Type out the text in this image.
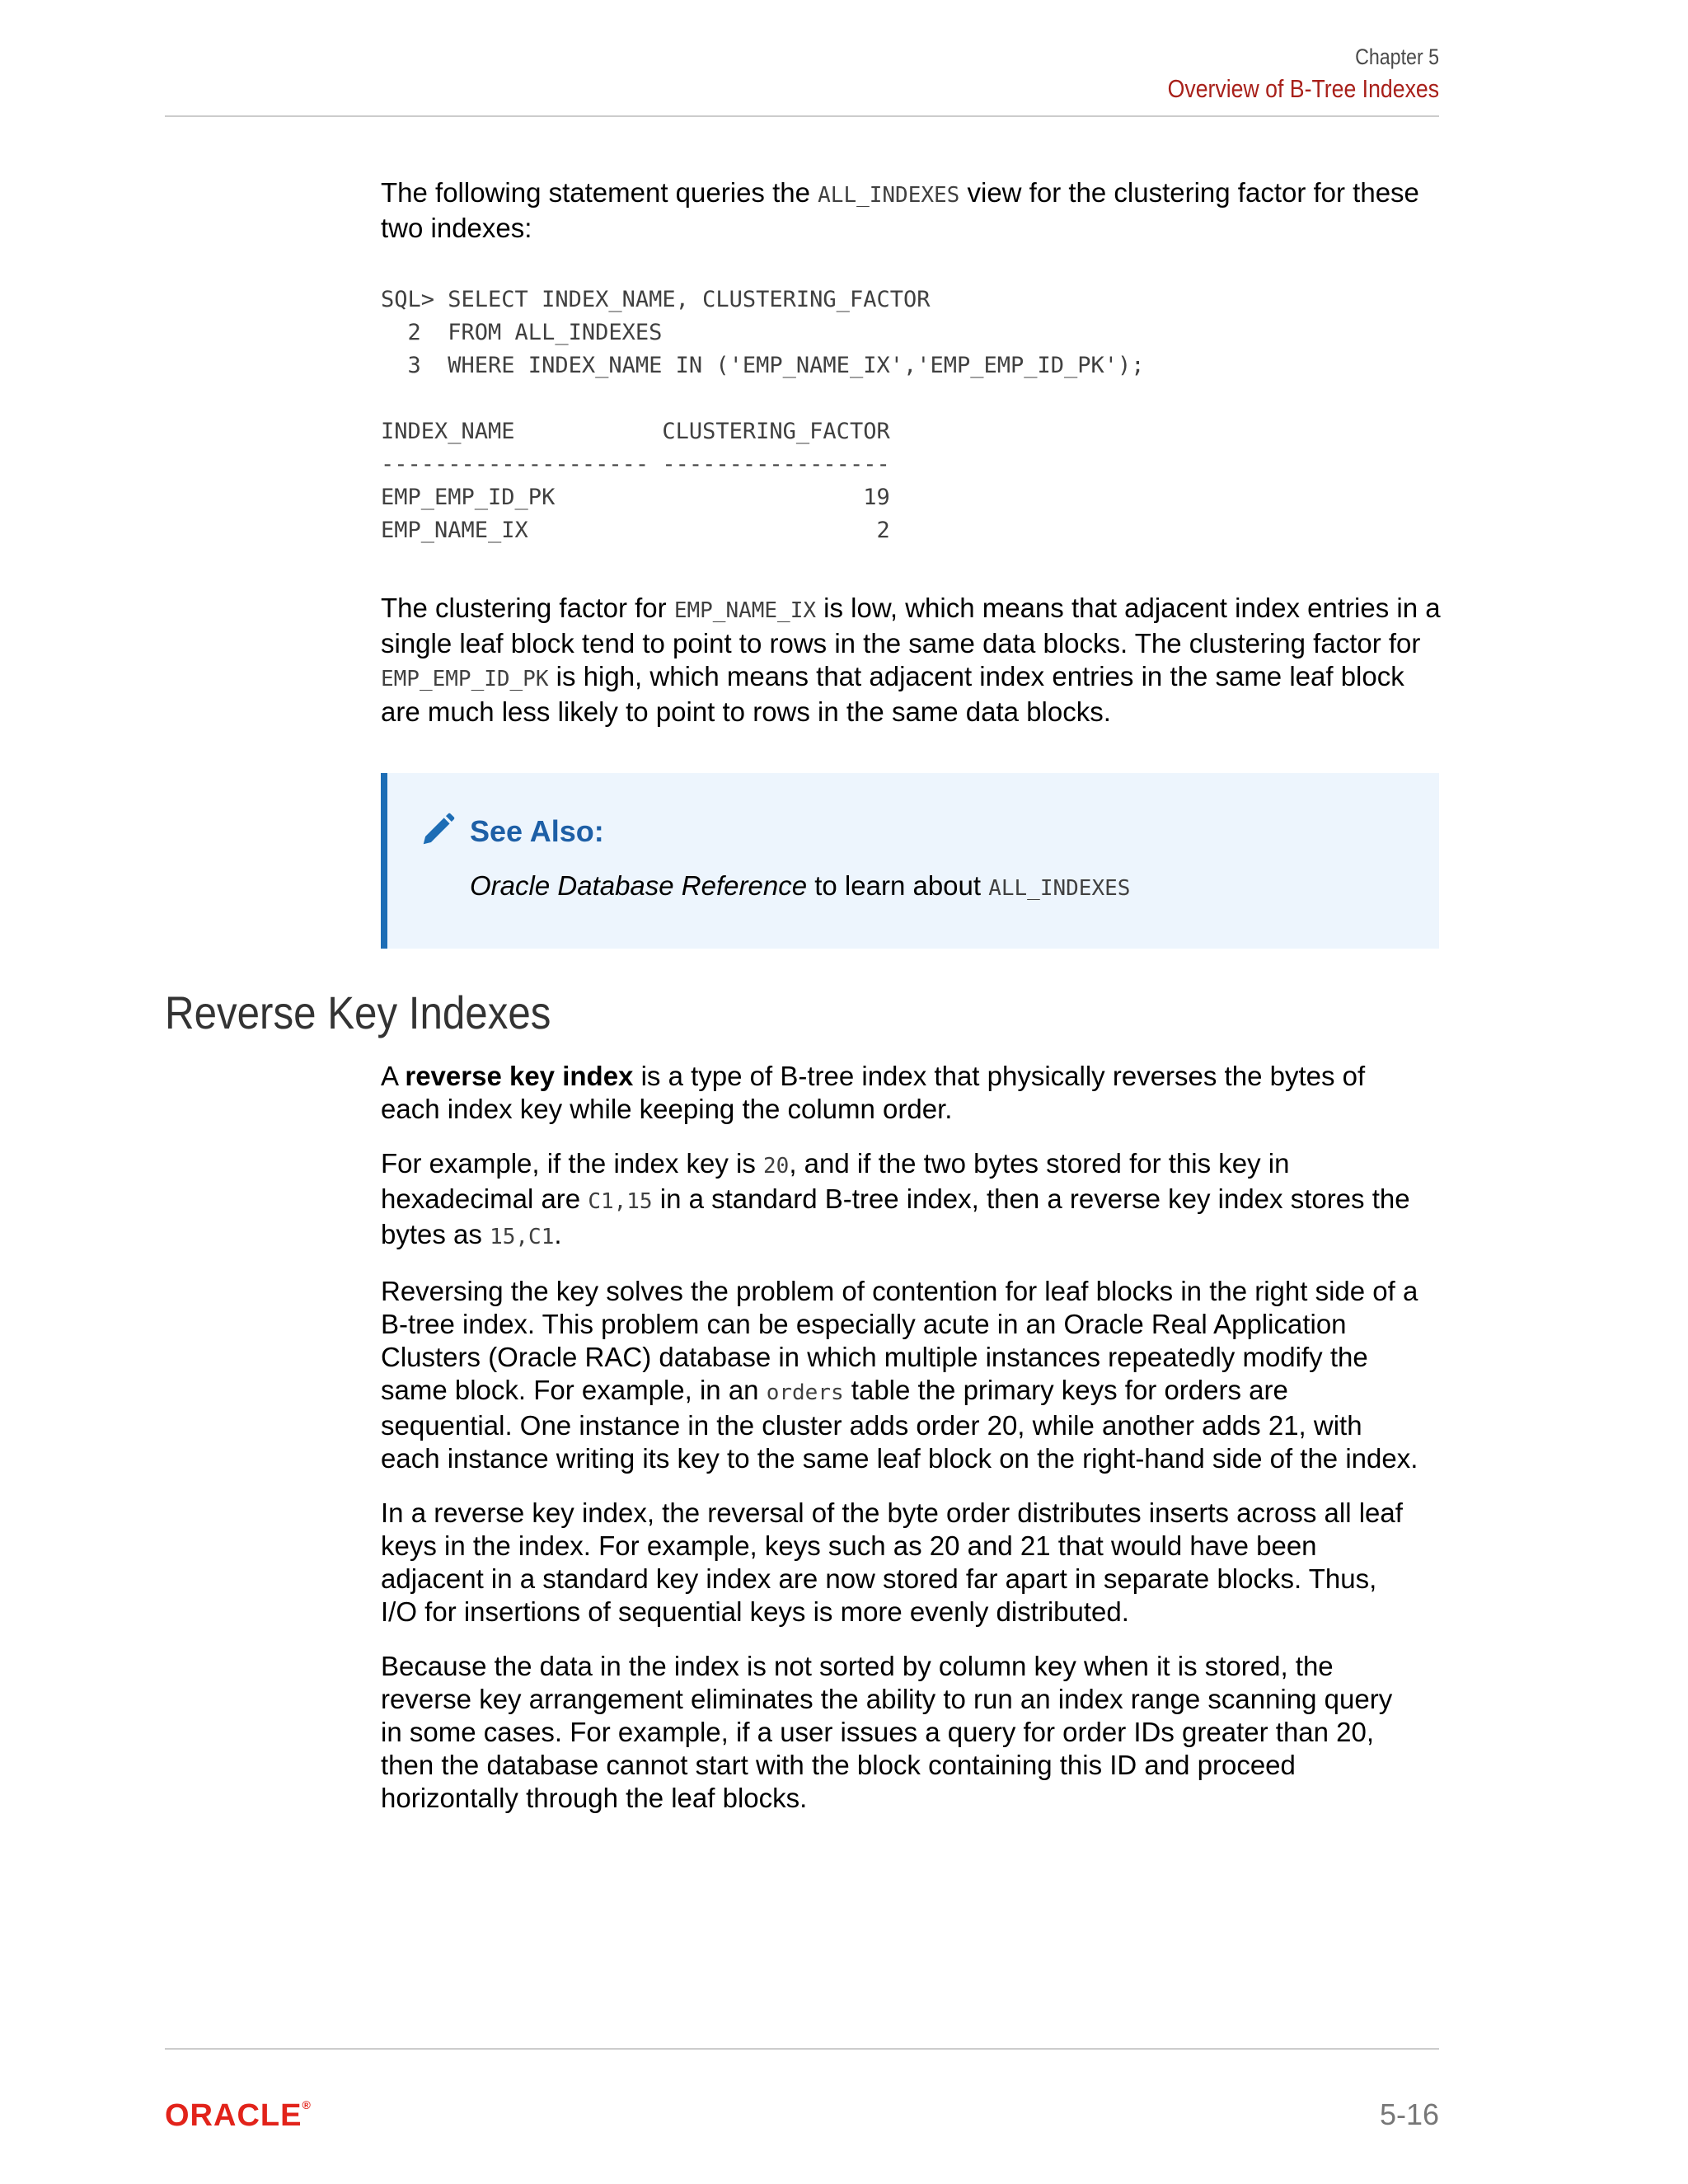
Chapter 5
Overview of B-Tree Indexes

The following statement queries the ALL_INDEXES view for the clustering factor for these two indexes:

SQL> SELECT INDEX_NAME, CLUSTERING_FACTOR
2  FROM ALL_INDEXES
3  WHERE INDEX_NAME IN ('EMP_NAME_IX','EMP_EMP_ID_PK');

INDEX_NAME           CLUSTERING_FACTOR
-------------------- -----------------
EMP_EMP_ID_PK                       19
EMP_NAME_IX                          2

The clustering factor for EMP_NAME_IX is low, which means that adjacent index entries in a single leaf block tend to point to rows in the same data blocks. The clustering factor for EMP_EMP_ID_PK is high, which means that adjacent index entries in the same leaf block are much less likely to point to rows in the same data blocks.

See Also:
Oracle Database Reference to learn about ALL_INDEXES
Reverse Key Indexes

A reverse key index is a type of B-tree index that physically reverses the bytes of each index key while keeping the column order.

For example, if the index key is 20, and if the two bytes stored for this key in hexadecimal are C1,15 in a standard B-tree index, then a reverse key index stores the bytes as 15,C1.

Reversing the key solves the problem of contention for leaf blocks in the right side of a B-tree index. This problem can be especially acute in an Oracle Real Application Clusters (Oracle RAC) database in which multiple instances repeatedly modify the same block. For example, in an orders table the primary keys for orders are sequential. One instance in the cluster adds order 20, while another adds 21, with each instance writing its key to the same leaf block on the right-hand side of the index.

In a reverse key index, the reversal of the byte order distributes inserts across all leaf keys in the index. For example, keys such as 20 and 21 that would have been adjacent in a standard key index are now stored far apart in separate blocks. Thus, I/O for insertions of sequential keys is more evenly distributed.

Because the data in the index is not sorted by column key when it is stored, the reverse key arrangement eliminates the ability to run an index range scanning query in some cases. For example, if a user issues a query for order IDs greater than 20, then the database cannot start with the block containing this ID and proceed horizontally through the leaf blocks.

ORACLE®	5-16
